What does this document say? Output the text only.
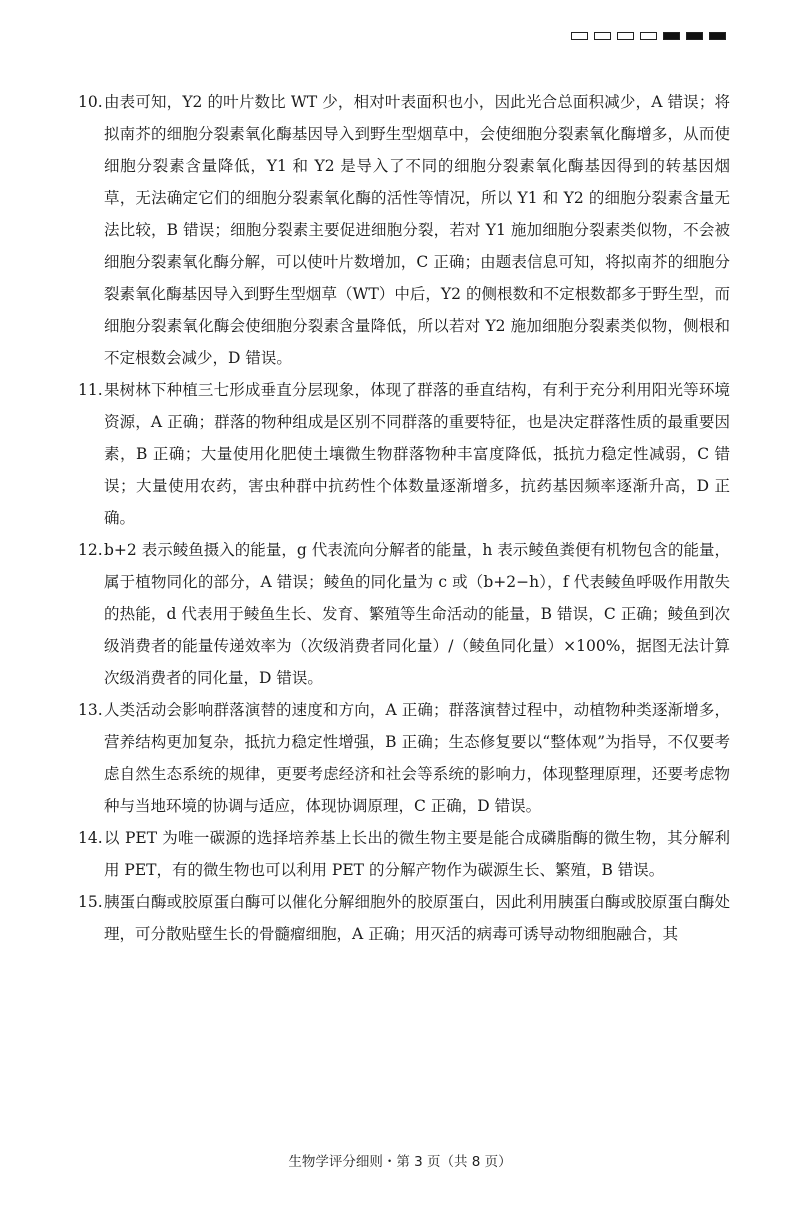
10. 由表可知，Y2 的叶片数比 WT 少，相对叶表面积也小，因此光合总面积减少，A 错误；将拟南芥的细胞分裂素氧化酶基因导入到野生型烟草中，会使细胞分裂素氧化酶增多，从而使细胞分裂素含量降低，Y1 和 Y2 是导入了不同的细胞分裂素氧化酶基因得到的转基因烟草，无法确定它们的细胞分裂素氧化酶的活性等情况，所以 Y1 和 Y2 的细胞分裂素含量无法比较，B 错误；细胞分裂素主要促进细胞分裂，若对 Y1 施加细胞分裂素类似物，不会被细胞分裂素氧化酶分解，可以使叶片数增加，C 正确；由题表信息可知，将拟南芥的细胞分裂素氧化酶基因导入到野生型烟草（WT）中后，Y2 的侧根数和不定根数都多于野生型，而细胞分裂素氧化酶会使细胞分裂素含量降低，所以若对 Y2 施加细胞分裂素类似物，侧根和不定根数会减少，D 错误。
11. 果树林下种植三七形成垂直分层现象，体现了群落的垂直结构，有利于充分利用阳光等环境资源，A 正确；群落的物种组成是区别不同群落的重要特征，也是决定群落性质的最重要因素，B 正确；大量使用化肥使土壤微生物群落物种丰富度降低，抵抗力稳定性减弱，C 错误；大量使用农药，害虫种群中抗药性个体数量逐渐增多，抗药基因频率逐渐升高，D 正确。
12. b+2 表示鲮鱼摄入的能量，g 代表流向分解者的能量，h 表示鲮鱼粪便有机物包含的能量，属于植物同化的部分，A 错误；鲮鱼的同化量为 c 或（b+2−h），f 代表鲮鱼呼吸作用散失的热能，d 代表用于鲮鱼生长、发育、繁殖等生命活动的能量，B 错误，C 正确；鲮鱼到次级消费者的能量传递效率为（次级消费者同化量）/（鲮鱼同化量）×100%，据图无法计算次级消费者的同化量，D 错误。
13. 人类活动会影响群落演替的速度和方向，A 正确；群落演替过程中，动植物种类逐渐增多，营养结构更加复杂，抵抗力稳定性增强，B 正确；生态修复要以“整体观”为指导，不仅要考虑自然生态系统的规律，更要考虑经济和社会等系统的影响力，体现整理原理，还要考虑物种与当地环境的协调与适应，体现协调原理，C 正确，D 错误。
14. 以 PET 为唯一碳源的选择培养基上长出的微生物主要是能合成磷脂酶的微生物，其分解利用 PET，有的微生物也可以利用 PET 的分解产物作为碳源生长、繁殖，B 错误。
15. 胰蛋白酶或胶原蛋白酶可以催化分解细胞外的胶原蛋白，因此利用胰蛋白酶或胶原蛋白酶处理，可分散贴壁生长的骨髓瘤细胞，A 正确；用灭活的病毒可诱导动物细胞融合，其
生物学评分细则・第 3 页（共 8 页）
